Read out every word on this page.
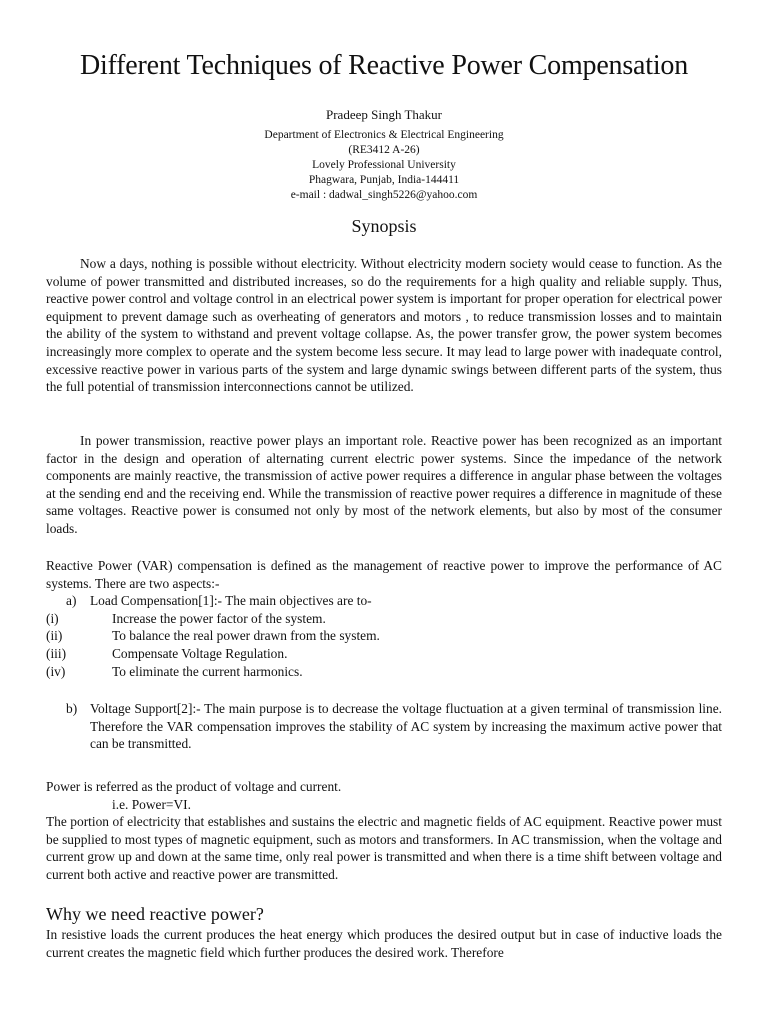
Different Techniques of Reactive Power Compensation
Pradeep Singh Thakur
Department of Electronics & Electrical Engineering
(RE3412 A-26)
Lovely Professional University
Phagwara, Punjab, India-144411
e-mail : dadwal_singh5226@yahoo.com
Synopsis

Now a days, nothing is possible without electricity. Without electricity modern society would cease to function. As the volume of power transmitted and distributed increases, so do the requirements for a high quality and reliable supply. Thus, reactive power control and voltage control in an electrical power system is important for proper operation for electrical power equipment to prevent damage such as overheating of generators and motors , to reduce transmission losses and to maintain the ability of the system to withstand and prevent voltage collapse. As, the power transfer grow, the power system becomes increasingly more complex to operate and the system become less secure. It may lead to large power with inadequate control, excessive reactive power in various parts of the system and large dynamic swings between different parts of the system, thus the full potential of transmission interconnections cannot be utilized.

In power transmission, reactive power plays an important role. Reactive power has been recognized as an important factor in the design and operation of alternating current electric power systems. Since the impedance of the network components are mainly reactive, the transmission of active power requires a difference in angular phase between the voltages at the sending end and the receiving end. While the transmission of reactive power requires a difference in magnitude of these same voltages. Reactive power is consumed not only by most of the network elements, but also by most of the consumer loads.

Reactive Power (VAR) compensation is defined as the management of reactive power to improve the performance of AC systems. There are two aspects:-

a) Load Compensation[1]:- The main objectives are to-
(i)	Increase the power factor of the system.
(ii)	To balance the real power drawn from the system.
(iii)	Compensate Voltage Regulation.
(iv)	To eliminate the current harmonics.
b) Voltage Support[2]:- The main purpose is to decrease the voltage fluctuation at a given terminal of transmission line. Therefore the VAR compensation improves the stability of AC system by increasing the maximum active power that can be transmitted.

Power is referred as the product of voltage and current.

i.e. Power=VI.

The portion of electricity that establishes and sustains the electric and magnetic fields of AC equipment. Reactive power must be supplied to most types of magnetic equipment, such as motors and transformers. In AC transmission, when the voltage and current grow up and down at the same time, only real power is transmitted and when there is a time shift between voltage and current both active and reactive power are transmitted.

Why we need reactive power?

In resistive loads the current produces the heat energy which produces the desired output but in case of inductive loads the current creates the magnetic field which further produces the desired work. Therefore
